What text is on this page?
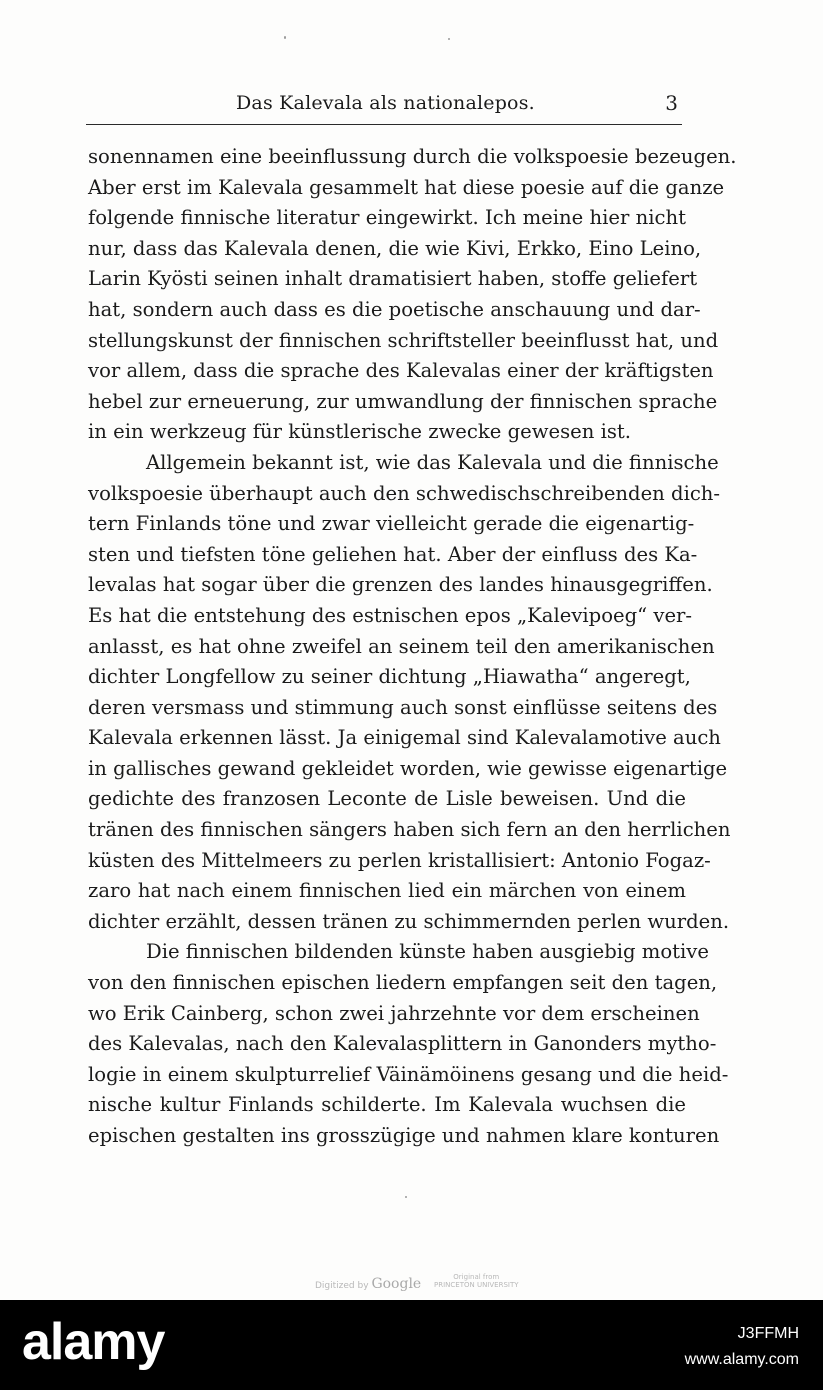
Das Kalevala als nationalepos.	3
sonennamen eine beeinflussung durch die volkspoesie bezeugen.
Aber erst im Kalevala gesammelt hat diese poesie auf die ganze
folgende finnische literatur eingewirkt. Ich meine hier nicht
nur, dass das Kalevala denen, die wie Kivi, Erkko, Eino Leino,
Larin Kyösti seinen inhalt dramatisiert haben, stoffe geliefert
hat, sondern auch dass es die poetische anschauung und dar-
stellungskunst der finnischen schriftsteller beeinflusst hat, und
vor allem, dass die sprache des Kalevalas einer der kräftigsten
hebel zur erneuerung, zur umwandlung der finnischen sprache
in ein werkzeug für künstlerische zwecke gewesen ist.
Allgemein bekannt ist, wie das Kalevala und die finnische
volkspoesie überhaupt auch den schwedischschreibenden dich-
tern Finlands töne und zwar vielleicht gerade die eigenartig-
sten und tiefsten töne geliehen hat. Aber der einfluss des Ka-
levalas hat sogar über die grenzen des landes hinausgegriffen.
Es hat die entstehung des estnischen epos „Kalevipoeg“ ver-
anlasst, es hat ohne zweifel an seinem teil den amerikanischen
dichter Longfellow zu seiner dichtung „Hiawatha“ angeregt,
deren versmass und stimmung auch sonst einflüsse seitens des
Kalevala erkennen lässt. Ja einigemal sind Kalevalamotive auch
in gallisches gewand gekleidet worden, wie gewisse eigenartige
gedichte des franzosen Leconte de Lisle beweisen. Und die
tränen des finnischen sängers haben sich fern an den herrlichen
küsten des Mittelmeers zu perlen kristallisiert: Antonio Fogaz-
zaro hat nach einem finnischen lied ein märchen von einem
dichter erzählt, dessen tränen zu schimmernden perlen wurden.
Die finnischen bildenden künste haben ausgiebig motive
von den finnischen epischen liedern empfangen seit den tagen,
wo Erik Cainberg, schon zwei jahrzehnte vor dem erscheinen
des Kalevalas, nach den Kalevalasplittern in Ganonders mytho-
logie in einem skulpturrelief Väinämöinens gesang und die heid-
nische kultur Finlands schilderte. Im Kalevala wuchsen die
epischen gestalten ins grosszügige und nahmen klare konturen
Digitized by Google	Original from
PRINCETON UNIVERSITY
alamy	J3FFMH
www.alamy.com
